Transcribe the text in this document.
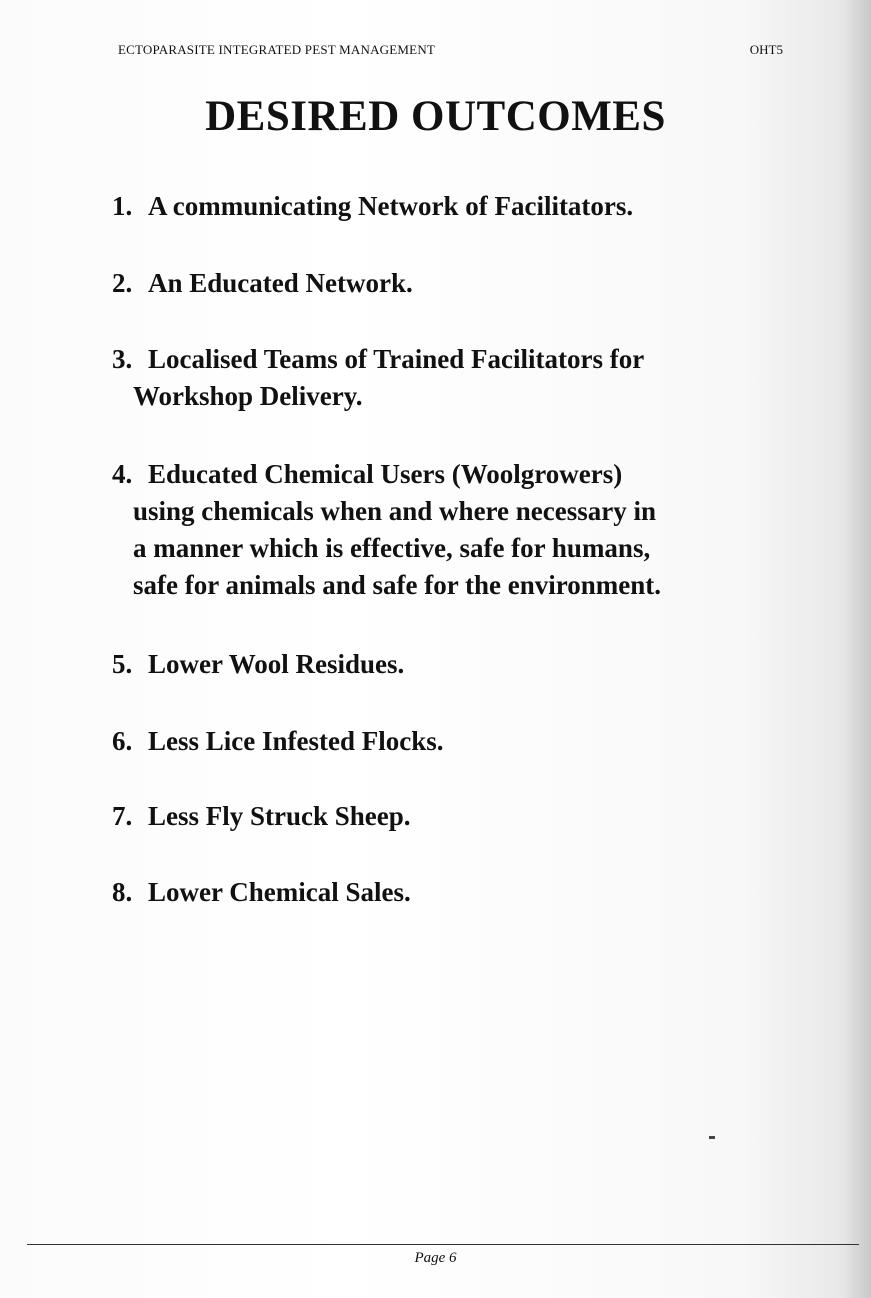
ECTOPARASITE INTEGRATED PEST MANAGEMENT	OHT5
DESIRED OUTCOMES
1. A communicating Network of Facilitators.
2. An Educated Network.
3. Localised Teams of Trained Facilitators for
Workshop Delivery.
4. Educated Chemical Users (Woolgrowers)
using chemicals when and where necessary in
a manner which is effective, safe for humans,
safe for animals and safe for the environment.
5. Lower Wool Residues.
6. Less Lice Infested Flocks.
7. Less Fly Struck Sheep.
8. Lower Chemical Sales.
Page 6
